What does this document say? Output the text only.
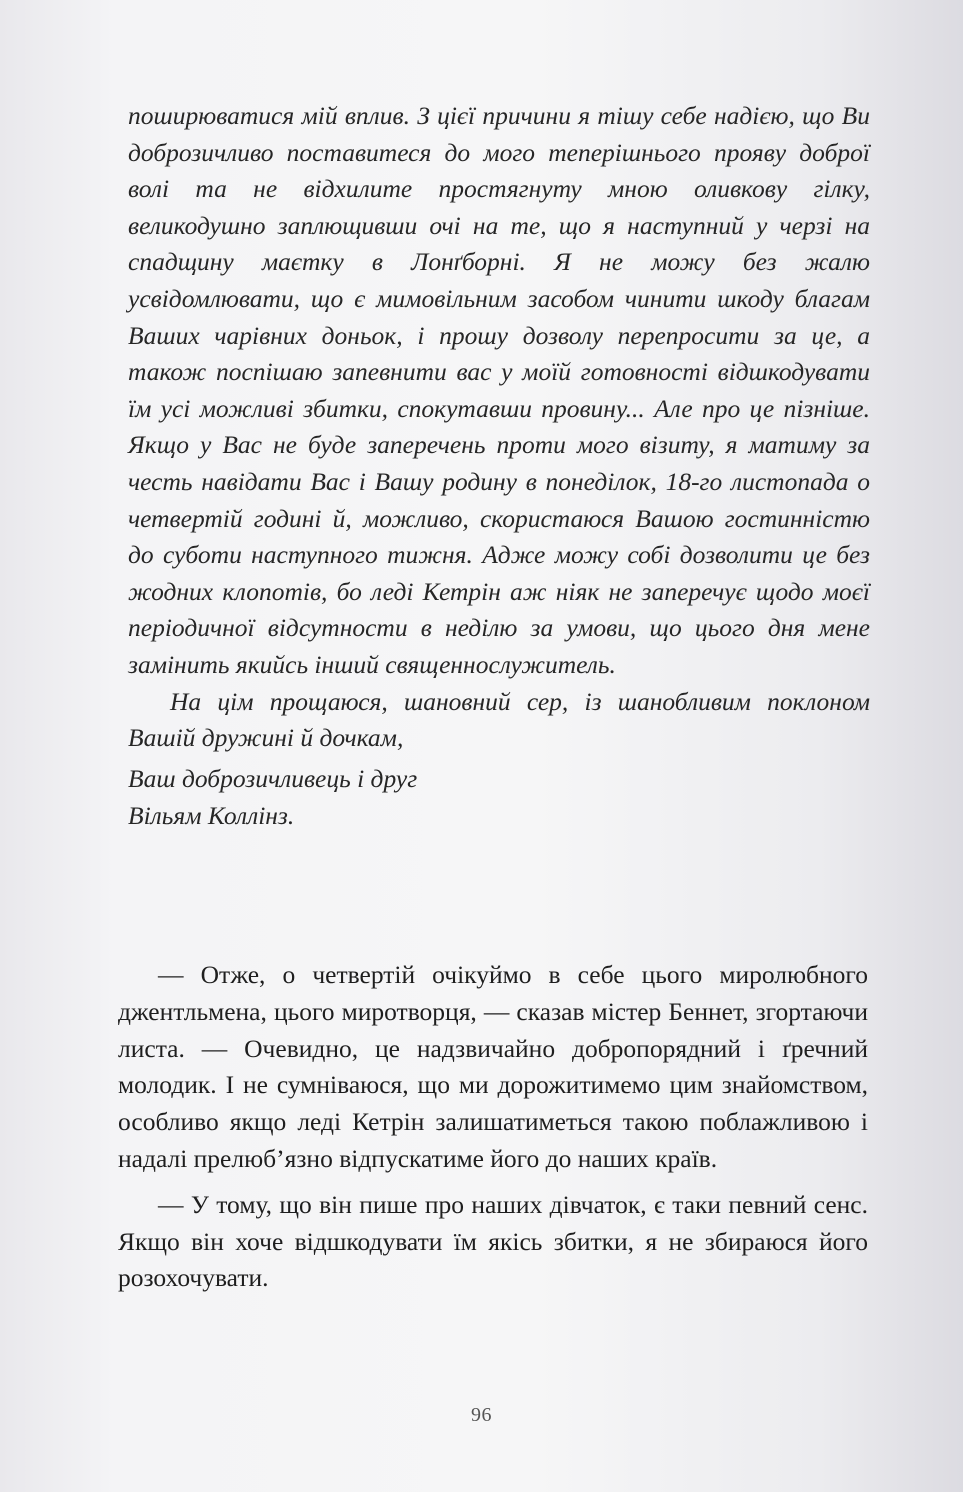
поширюватися мій вплив. З цієї причини я тішу себе надією, що Ви доброзичливо поставитеся до мого теперішнього прояву доброї волі та не відхилите простягнуту мною оливкову гілку, великодушно заплющивши очі на те, що я наступний у черзі на спадщину маєтку в Лонґборні. Я не можу без жалю усвідомлювати, що є мимовільним засобом чинити шкоду благам Ваших чарівних доньок, і прошу дозволу перепросити за це, а також поспішаю запевнити вас у моїй готовності відшкодувати їм усі можливі збитки, спокутавши провину... Але про це пізніше. Якщо у Вас не буде заперечень проти мого візиту, я матиму за честь навідати Вас і Вашу родину в понеділок, 18-го листопада о четвертій годині й, можливо, скористаюся Вашою гостинністю до суботи наступного тижня. Адже можу собі дозволити це без жодних клопотів, бо леді Кетрін аж ніяк не заперечує щодо моєї періодичної відсутности в неділю за умови, що цього дня мене замінить якийсь інший священнослужитель.

На цім прощаюся, шановний сер, із шанобливим поклоном Вашій дружині й дочкам,

Ваш доброзичливець і друг
Вільям Коллінз.

— Отже, о четвертій очікуймо в себе цього миролюбного джентльмена, цього миротворця, — сказав містер Беннет, згортаючи листа. — Очевидно, це надзвичайно добропорядний і ґречний молодик. І не сумніваюся, що ми дорожитимемо цим знайомством, особливо якщо леді Кетрін залишатиметься такою поблажливою і надалі прелюб’язно відпускатиме його до наших країв.

— У тому, що він пише про наших дівчаток, є таки певний сенс. Якщо він хоче відшкодувати їм якісь збитки, я не збираюся його розохочувати.

96
